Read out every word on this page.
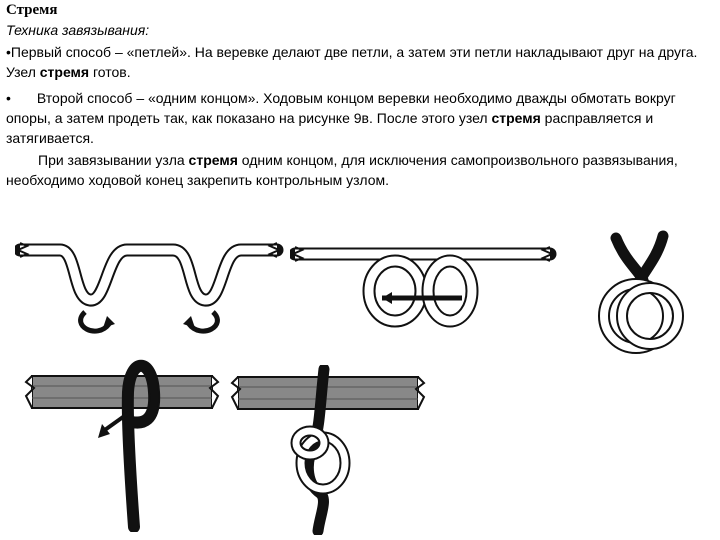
Стремя
Техника завязывания:

•Первый способ – «петлей». На веревке делают две петли, а затем эти петли накладывают друг на друга. Узел стремя готов.

• Второй способ – «одним концом». Ходовым концом веревки необходимо дважды обмотать вокруг опоры, а затем продеть так, как показано на рисунке 9в. После этого узел стремя расправляется и затягивается.

При завязывании узла стремя одним концом, для исключения самопроизвольного развязывания, необходимо ходовой конец закрепить контрольным узлом.
